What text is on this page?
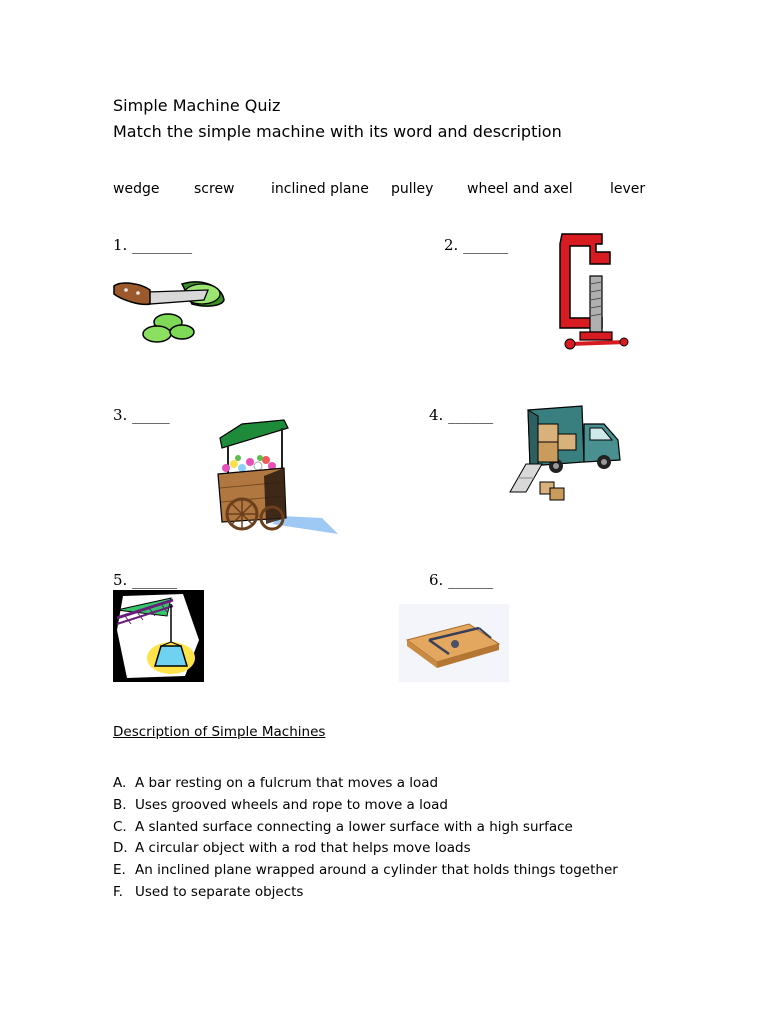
Simple Machine Quiz
Match the simple machine with its word and description
wedge screw	inclined plane pulley wheel and axel	lever
1. ________	2. ______
3. _____	4. ______
5. ______	6. ______
Description of Simple Machines
A. A bar resting on a fulcrum that moves a load
B. Uses grooved wheels and rope to move a load
C. A slanted surface connecting a lower surface with a high surface
D. A circular object with a rod that helps move loads
E. An inclined plane wrapped around a cylinder that holds things together
F. Used to separate objects
